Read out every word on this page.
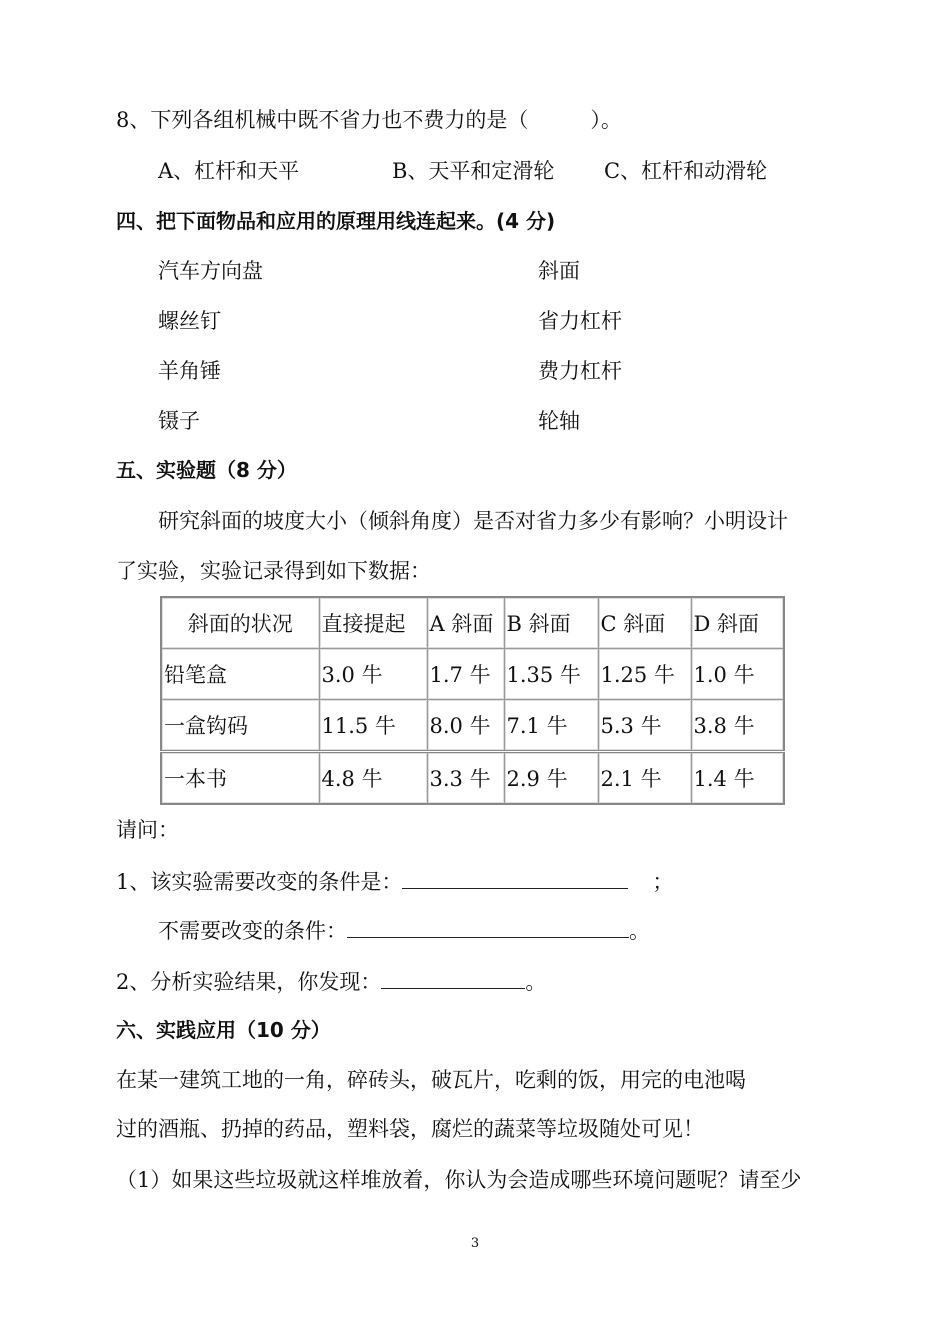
8、下列各组机械中既不省力也不费力的是（	）。
A、杠杆和天平	B、天平和定滑轮 C、杠杆和动滑轮
四、把下面物品和应用的原理用线连起来。(4 分)
汽车方向盘	斜面
螺丝钉	省力杠杆
羊角锤	费力杠杆
镊子	轮轴
五、实验题（8 分）
研究斜面的坡度大小（倾斜角度）是否对省力多少有影响？小明设计
了实验，实验记录得到如下数据：
斜面的状况	直接提起	A 斜面	B 斜面	C 斜面	D 斜面
铅笔盒	3.0 牛	1.7 牛	1.35 牛	1.25 牛	1.0 牛
一盒钩码	11.5 牛	8.0 牛	7.1 牛	5.3 牛	3.8 牛
一本书	4.8 牛	3.3 牛	2.9 牛	2.1 牛	1.4 牛
请问：
1、该实验需要改变的条件是：	；
不需要改变的条件：	。
2、分析实验结果，你发现：	。
六、实践应用（10 分）
在某一建筑工地的一角，碎砖头，破瓦片，吃剩的饭，用完的电池喝
过的酒瓶、扔掉的药品，塑料袋，腐烂的蔬菜等垃圾随处可见！
（1）如果这些垃圾就这样堆放着，你认为会造成哪些环境问题呢？请至少
3
